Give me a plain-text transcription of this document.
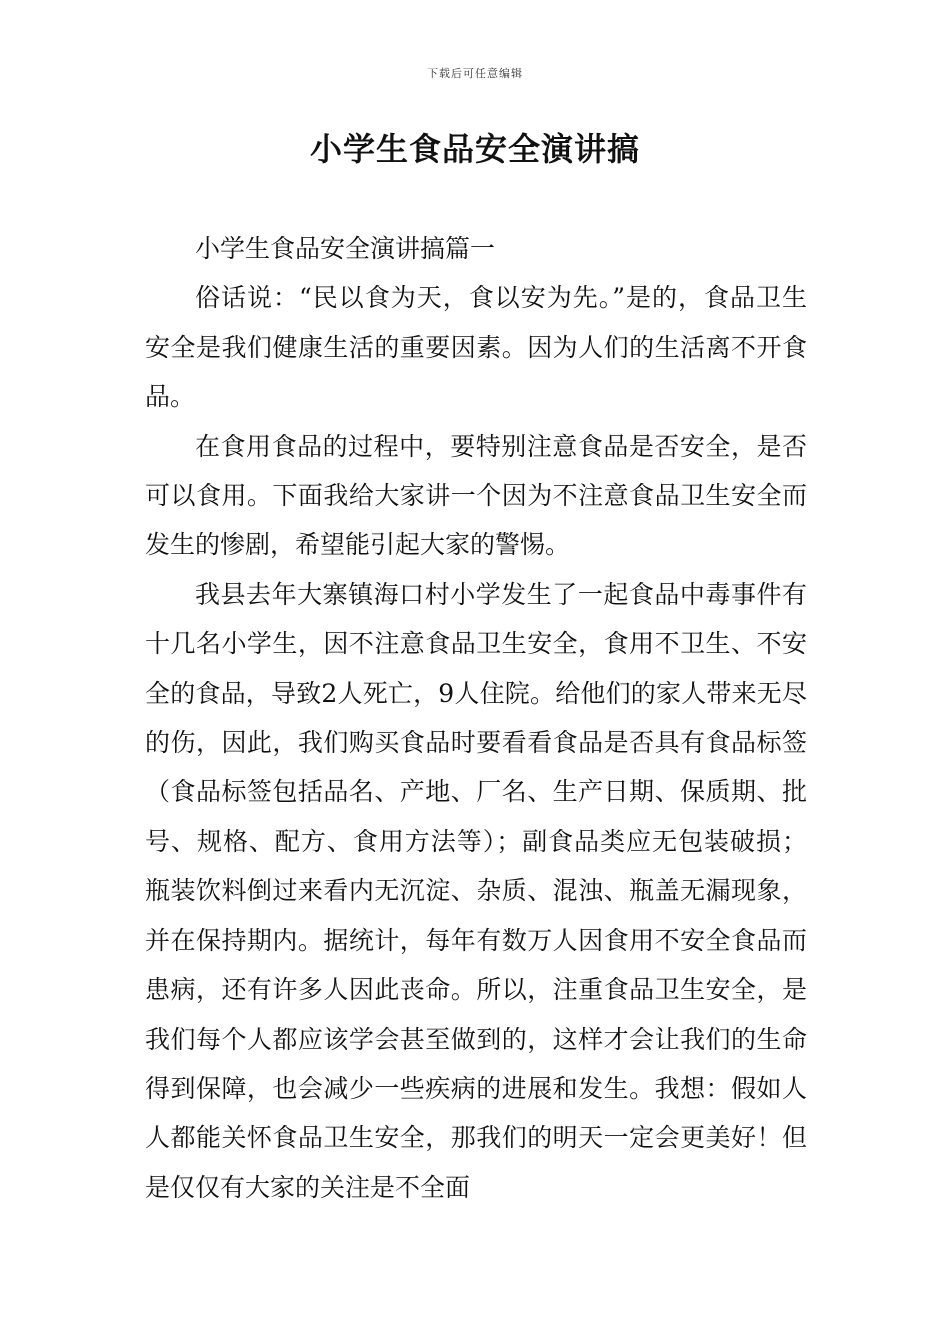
下载后可任意编辑
小学生食品安全演讲搞

小学生食品安全演讲搞篇一

俗话说：“民以食为天，食以安为先。”是的，食品卫生安全是我们健康生活的重要因素。因为人们的生活离不开食品。

在食用食品的过程中，要特别注意食品是否安全，是否可以食用。下面我给大家讲一个因为不注意食品卫生安全而发生的惨剧，希望能引起大家的警惕。

我县去年大寨镇海口村小学发生了一起食品中毒事件有十几名小学生，因不注意食品卫生安全，食用不卫生、不安全的食品，导致2人死亡，9人住院。给他们的家人带来无尽的伤，因此，我们购买食品时要看看食品是否具有食品标签（食品标签包括品名、产地、厂名、生产日期、保质期、批号、规格、配方、食用方法等）；副食品类应无包装破损；瓶装饮料倒过来看内无沉淀、杂质、混浊、瓶盖无漏现象，并在保持期内。据统计，每年有数万人因食用不安全食品而患病，还有许多人因此丧命。所以，注重食品卫生安全，是我们每个人都应该学会甚至做到的，这样才会让我们的生命得到保障，也会减少一些疾病的进展和发生。我想：假如人人都能关怀食品卫生安全，那我们的明天一定会更美好！但是仅仅有大家的关注是不全面
